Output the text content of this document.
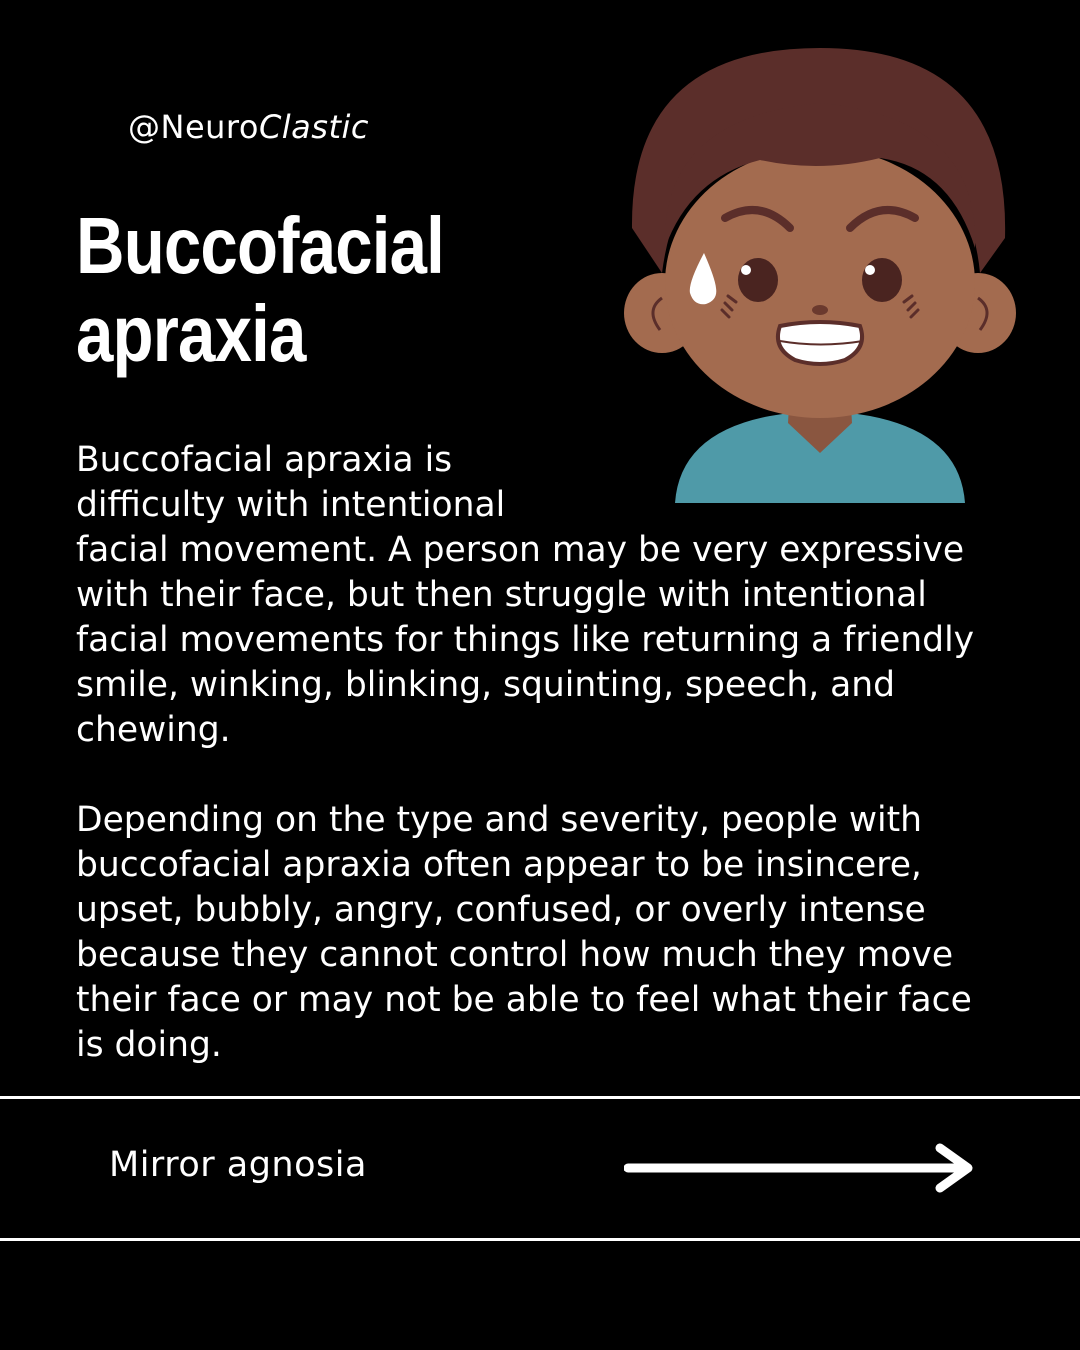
@NeuroClastic
Buccofacial
apraxia

Buccofacial apraxia is difficulty with intentional facial movement. A person may be very expressive with their face, but then struggle with intentional facial movements for things like returning a friendly smile, winking, blinking, squinting, speech, and chewing.

Depending on the type and severity, people with buccofacial apraxia often appear to be insincere, upset, bubbly, angry, confused, or overly intense because they cannot control how much they move their face or may not be able to feel what their face is doing.

Mirror agnosia
